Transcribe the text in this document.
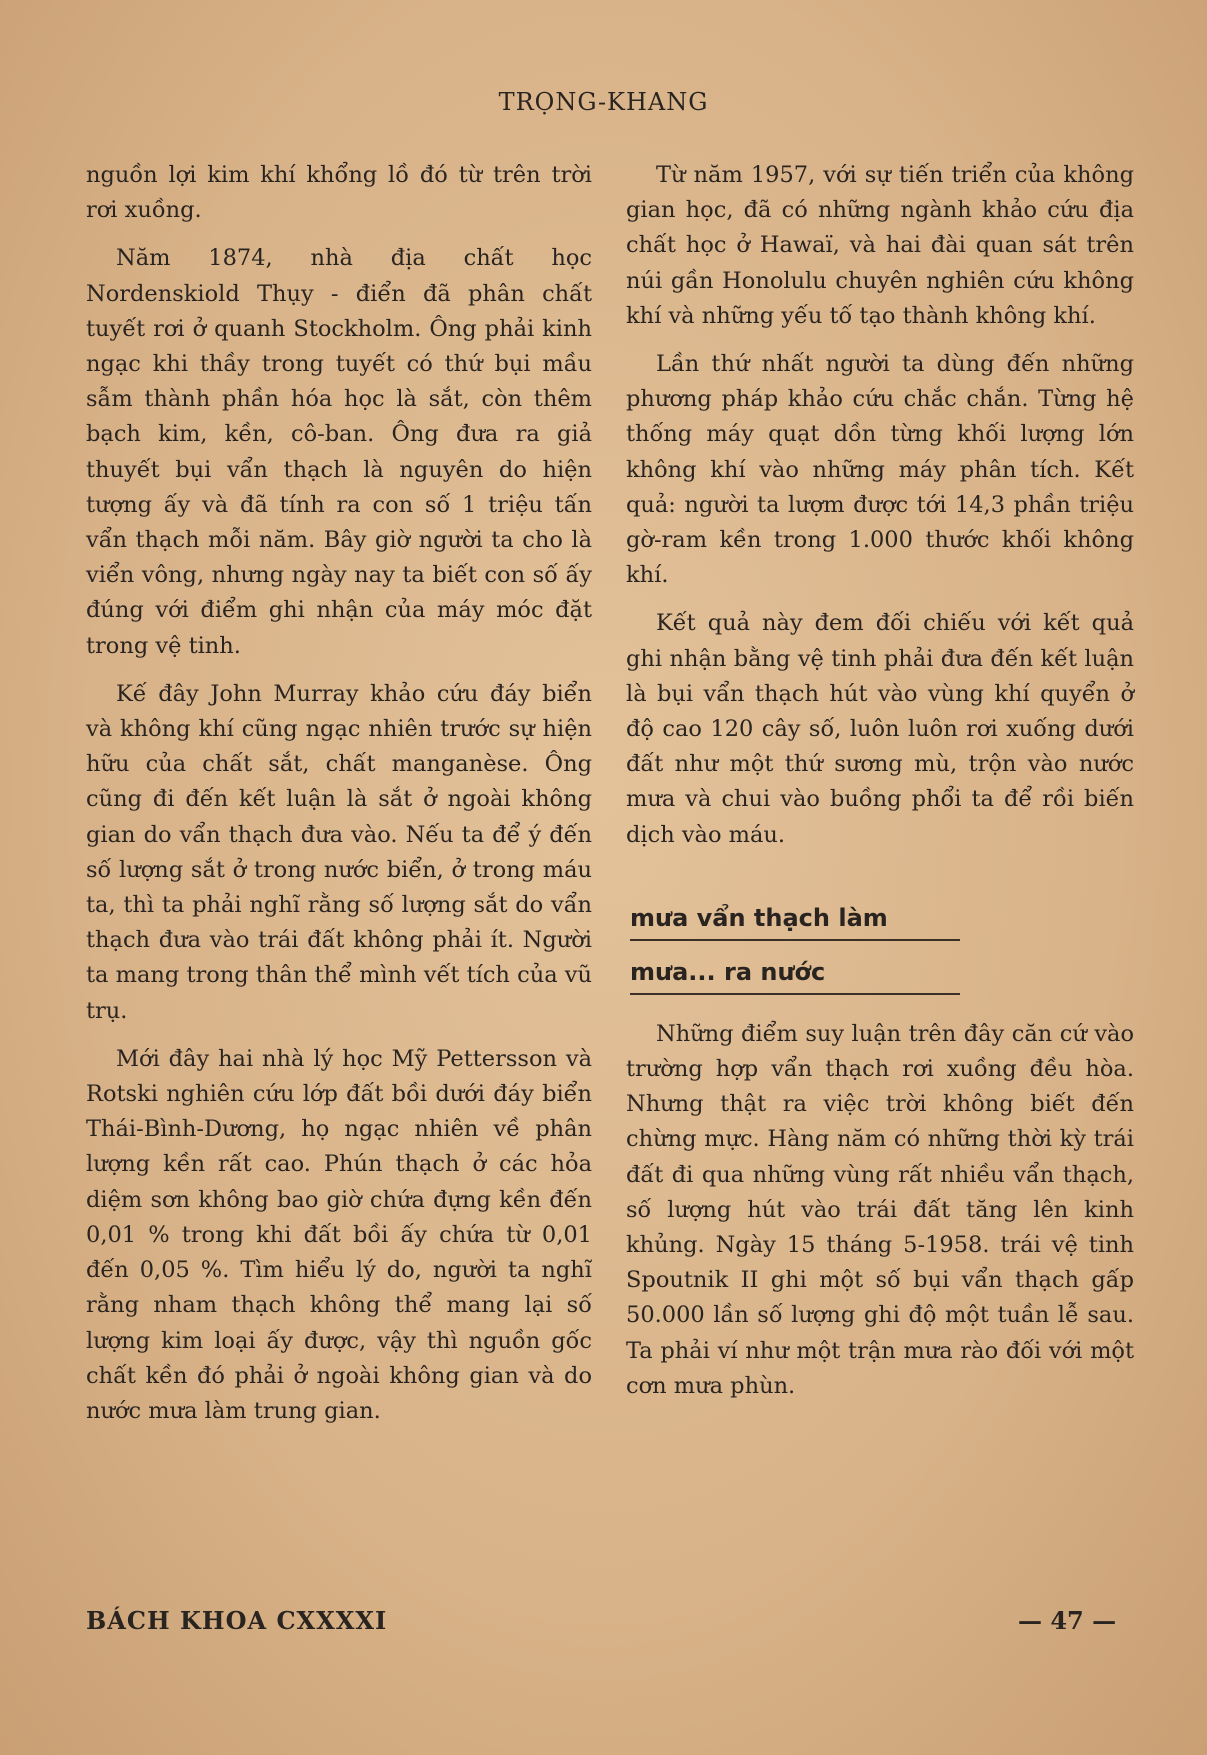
TRỌNG-KHANG

nguồn lợi kim khí khổng lồ đó từ trên trời rơi xuồng.

Năm 1874, nhà địa chất học Nordenskiold Thụy - điển đã phân chất tuyết rơi ở quanh Stockholm. Ông phải kinh ngạc khi thầy trong tuyết có thứ bụi mầu sẫm thành phần hóa học là sắt, còn thêm bạch kim, kền, cô-ban. Ông đưa ra giả thuyết bụi vẩn thạch là nguyên do hiện tượng ấy và đã tính ra con số 1 triệu tấn vẩn thạch mỗi năm. Bây giờ người ta cho là viển vông, nhưng ngày nay ta biết con số ấy đúng với điểm ghi nhận của máy móc đặt trong vệ tinh.

Kế đây John Murray khảo cứu đáy biển và không khí cũng ngạc nhiên trước sự hiện hữu của chất sắt, chất manganèse. Ông cũng đi đến kết luận là sắt ở ngoài không gian do vẩn thạch đưa vào. Nếu ta để ý đến số lượng sắt ở trong nước biển, ở trong máu ta, thì ta phải nghĩ rằng số lượng sắt do vẩn thạch đưa vào trái đất không phải ít. Người ta mang trong thân thể mình vết tích của vũ trụ.

Mới đây hai nhà lý học Mỹ Pettersson và Rotski nghiên cứu lớp đất bồi dưới đáy biển Thái-Bình-Dương, họ ngạc nhiên về phân lượng kền rất cao. Phún thạch ở các hỏa diệm sơn không bao giờ chứa đựng kền đến 0,01 % trong khi đất bồi ấy chứa từ 0,01 đến 0,05 %. Tìm hiểu lý do, người ta nghĩ rằng nham thạch không thể mang lại số lượng kim loại ấy được, vậy thì nguồn gốc chất kền đó phải ở ngoài không gian và do nước mưa làm trung gian.

Từ năm 1957, với sự tiến triển của không gian học, đã có những ngành khảo cứu địa chất học ở Hawaï, và hai đài quan sát trên núi gần Honolulu chuyên nghiên cứu không khí và những yếu tố tạo thành không khí.

Lần thứ nhất người ta dùng đến những phương pháp khảo cứu chắc chắn. Từng hệ thống máy quạt dồn từng khối lượng lớn không khí vào những máy phân tích. Kết quả: người ta lượm được tới 14,3 phần triệu gờ-ram kền trong 1.000 thước khối không khí.

Kết quả này đem đối chiếu với kết quả ghi nhận bằng vệ tinh phải đưa đến kết luận là bụi vẩn thạch hút vào vùng khí quyển ở độ cao 120 cây số, luôn luôn rơi xuống dưới đất như một thứ sương mù, trộn vào nước mưa và chui vào buồng phổi ta để rồi biến dịch vào máu.

mưa vẩn thạch làm
mưa... ra nước

Những điểm suy luận trên đây căn cứ vào trường hợp vẩn thạch rơi xuồng đều hòa. Nhưng thật ra việc trời không biết đến chừng mực. Hàng năm có những thời kỳ trái đất đi qua những vùng rất nhiều vẩn thạch, số lượng hút vào trái đất tăng lên kinh khủng. Ngày 15 tháng 5-1958. trái vệ tinh Spoutnik II ghi một số bụi vẩn thạch gấp 50.000 lần số lượng ghi độ một tuần lễ sau. Ta phải ví như một trận mưa rào đối với một cơn mưa phùn.

BÁCH KHOA CXXXXI	— 47 —
